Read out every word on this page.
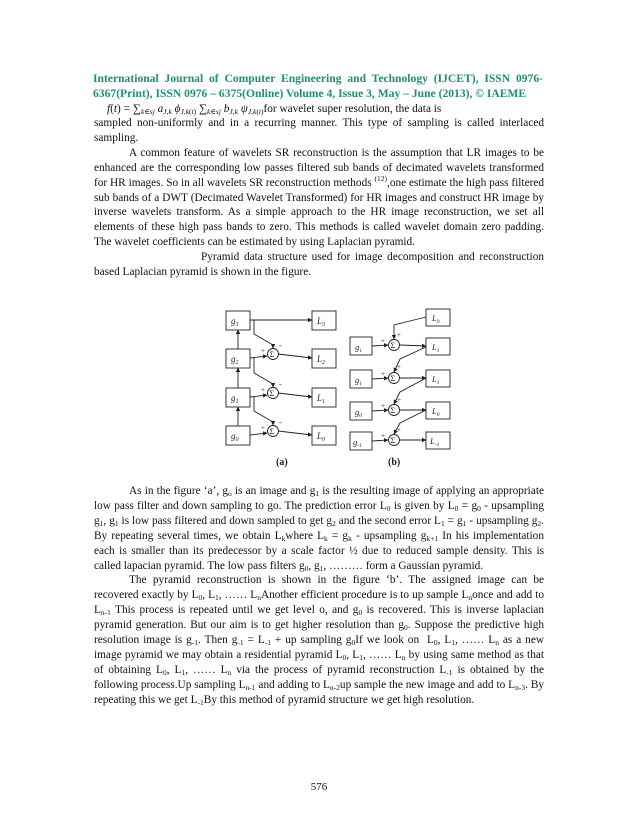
International Journal of Computer Engineering and Technology (IJCET), ISSN 0976-6367(Print), ISSN 0976 – 6375(Online) Volume 4, Issue 3, May – June (2013), © IAEME
$f(t) = \sum_{k\in sj}$ $a_{J,k}$ $\phi_{J,k(t)}$ $\sum_{k\in sj}$ $b_{J,k}$ $\psi_{J,k(t)}for$ wavelet super resolution, the data is

sampled non-uniformly and in a recurring manner. This type of sampling is called interlaced sampling.

A common feature of wavelets SR reconstruction is the assumption that LR images to be enhanced are the corresponding low passes filtered sub bands of decimated wavelets transformed for HR images. So in all wavelets SR reconstruction methods $^{(12)}$,one estimate the high pass filtered sub bands of a DWT (Decimated Wavelet Transformed) for HR images and construct HR image by inverse wavelets transform. As a simple approach to the HR image reconstruction, we set all elements of these high pass bands to zero. This methods is called wavelet domain zero padding. The wavelet coefficients can be estimated by using Laplacian pyramid.

Pyramid data structure used for image decomposition and reconstruction based Laplacian pyramid is shown in the figure.

$g_3$
$g_2$
$g_1$
$g_0$
$L_3$
$L_2$
$L_1$
$L_0$
Σ
Σ
Σ
+
+
+
-
-
-
(a)
$g_1$
$g_1$
$g_0$
$g_{-1}$
$L_0$
$L_1$
$L_1$
$L_0$
$L_{-1}$
Σ
Σ
Σ
Σ
+
+
+
+
+
+
+
+
(b)

As in the figure ‘a’, $g_o$ is an image and $g_1$ is the resulting image of applying an appropriate low pass filter and down sampling to go. The prediction error $L_0$ is given by $L_0 = g_0$ - upsampling $g_1$, $g_1$ is low pass filtered and down sampled to get $g_2$ and the second error $L_1 = g_1$ - upsampling $g_2$. By repeating several times, we obtain $L_kwhere$ $L_k = g_k$ - upsampling $g_{k+1}$ In his implementation each is smaller than its predecessor by a scale factor ½ due to reduced sample density. This is called lapacian pyramid. The low pass filters $g_0$, $g_1$, ……… form a Gaussian pyramid.

The pyramid reconstruction is shown in the figure ‘b’. The assigned image can be recovered exactly by $L_0$, $L_1$, …… $L_nAnother$ efficient procedure is to up sample $L_nonce$ and add to $L_{n-1}$ This process is repeated until we get level o, and $g_0$ is recovered. This is inverse laplacian pyramid generation. But our aim is to get higher resolution than $g_0$. Suppose the predictive high resolution image is $g_{-1}$. Then $g_{-1} = L_{-1}$ + up sampling $g_0If$ we look on  $L_0$, $L_1$, …… $L_n$ as a new image pyramid we may obtain a residential pyramid $L_0$, $L_1$, …… $L_n$ by using same method as that of obtaining $L_0$, $L_1$, …… $L_n$ via the process of pyramid reconstruction $L_{-1}$ is obtained by the following process.Up sampling $L_{n-1}$ and adding to $L_{n-2}up$ sample the new image and add to $L_{n-3}$. By repeating this we get $L_{-1}By$ this method of pyramid structure we get high resolution.

576
